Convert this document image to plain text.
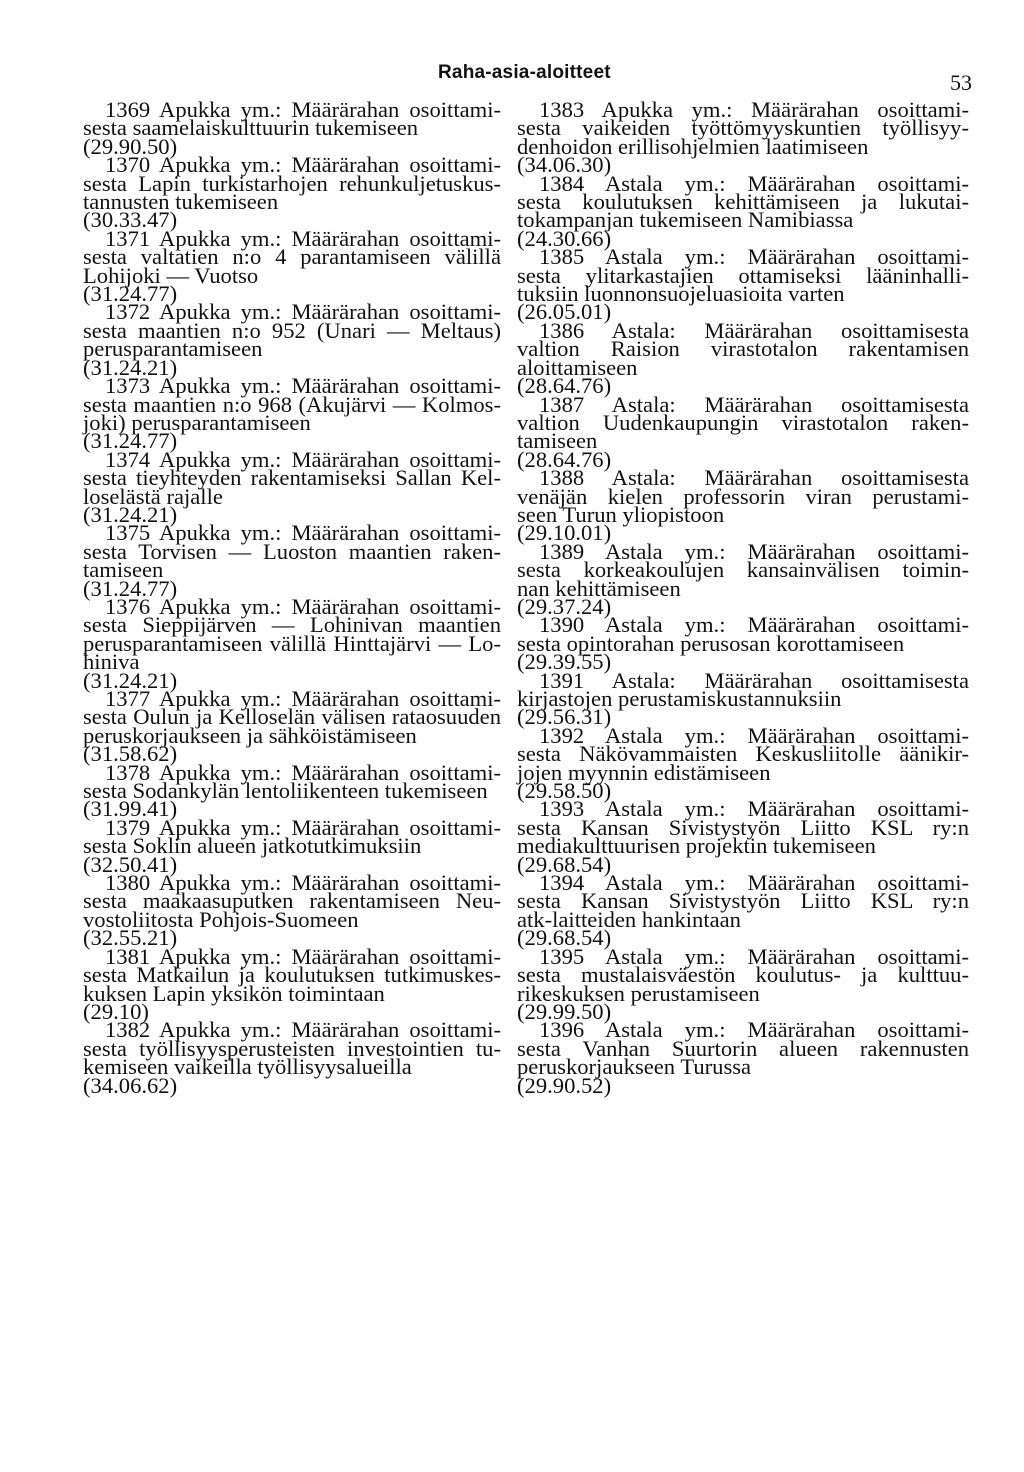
Raha-asia-aloitteet	53

1369 Apukka ym.: Määrärahan osoittami-
sesta saamelaiskulttuurin tukemiseen
(29.90.50)

1370 Apukka ym.: Määrärahan osoittami-
sesta Lapin turkistarhojen rehunkuljetuskus-
tannusten tukemiseen
(30.33.47)

1371 Apukka ym.: Määrärahan osoittami-
sesta valtatien n:o 4 parantamiseen välillä
Lohijoki — Vuotso
(31.24.77)

1372 Apukka ym.: Määrärahan osoittami-
sesta maantien n:o 952 (Unari — Meltaus)
perusparantamiseen
(31.24.21)

1373 Apukka ym.: Määrärahan osoittami-
sesta maantien n:o 968 (Akujärvi — Kolmos-
joki) perusparantamiseen
(31.24.77)

1374 Apukka ym.: Määrärahan osoittami-
sesta tieyhteyden rakentamiseksi Sallan Kel-
loselästä rajalle
(31.24.21)

1375 Apukka ym.: Määrärahan osoittami-
sesta Torvisen — Luoston maantien raken-
tamiseen
(31.24.77)

1376 Apukka ym.: Määrärahan osoittami-
sesta Sieppijärven — Lohinivan maantien
perusparantamiseen välillä Hinttajärvi — Lo-
hiniva
(31.24.21)

1377 Apukka ym.: Määrärahan osoittami-
sesta Oulun ja Kelloselän välisen rataosuuden
peruskorjaukseen ja sähköistämiseen
(31.58.62)

1378 Apukka ym.: Määrärahan osoittami-
sesta Sodankylän lentoliikenteen tukemiseen
(31.99.41)

1379 Apukka ym.: Määrärahan osoittami-
sesta Soklin alueen jatkotutkimuksiin
(32.50.41)

1380 Apukka ym.: Määrärahan osoittami-
sesta maakaasuputken rakentamiseen Neu-
vostoliitosta Pohjois-Suomeen
(32.55.21)

1381 Apukka ym.: Määrärahan osoittami-
sesta Matkailun ja koulutuksen tutkimuskes-
kuksen Lapin yksikön toimintaan
(29.10)

1382 Apukka ym.: Määrärahan osoittami-
sesta työllisyysperusteisten investointien tu-
kemiseen vaikeilla työllisyysalueilla
(34.06.62)

1383 Apukka ym.: Määrärahan osoittami-
sesta vaikeiden työttömyyskuntien työllisyy-
denhoidon erillisohjelmien laatimiseen
(34.06.30)

1384 Astala ym.: Määrärahan osoittami-
sesta koulutuksen kehittämiseen ja lukutai-
tokampanjan tukemiseen Namibiassa
(24.30.66)

1385 Astala ym.: Määrärahan osoittami-
sesta ylitarkastajien ottamiseksi lääninhalli-
tuksiin luonnonsuojeluasioita varten
(26.05.01)

1386 Astala: Määrärahan osoittamisesta
valtion Raision virastotalon rakentamisen
aloittamiseen
(28.64.76)

1387 Astala: Määrärahan osoittamisesta
valtion Uudenkaupungin virastotalon raken-
tamiseen
(28.64.76)

1388 Astala: Määrärahan osoittamisesta
venäjän kielen professorin viran perustami-
seen Turun yliopistoon
(29.10.01)

1389 Astala ym.: Määrärahan osoittami-
sesta korkeakoulujen kansainvälisen toimin-
nan kehittämiseen
(29.37.24)

1390 Astala ym.: Määrärahan osoittami-
sesta opintorahan perusosan korottamiseen
(29.39.55)

1391 Astala: Määrärahan osoittamisesta
kirjastojen perustamiskustannuksiin
(29.56.31)

1392 Astala ym.: Määrärahan osoittami-
sesta Näkövammaisten Keskusliitolle äänikir-
jojen myynnin edistämiseen
(29.58.50)

1393 Astala ym.: Määrärahan osoittami-
sesta Kansan Sivistystyön Liitto KSL ry:n
mediakulttuurisen projektin tukemiseen
(29.68.54)

1394 Astala ym.: Määrärahan osoittami-
sesta Kansan Sivistystyön Liitto KSL ry:n
atk-laitteiden hankintaan
(29.68.54)

1395 Astala ym.: Määrärahan osoittami-
sesta mustalaisväestön koulutus- ja kulttuu-
rikeskuksen perustamiseen
(29.99.50)

1396 Astala ym.: Määrärahan osoittami-
sesta Vanhan Suurtorin alueen rakennusten
peruskorjaukseen Turussa
(29.90.52)
